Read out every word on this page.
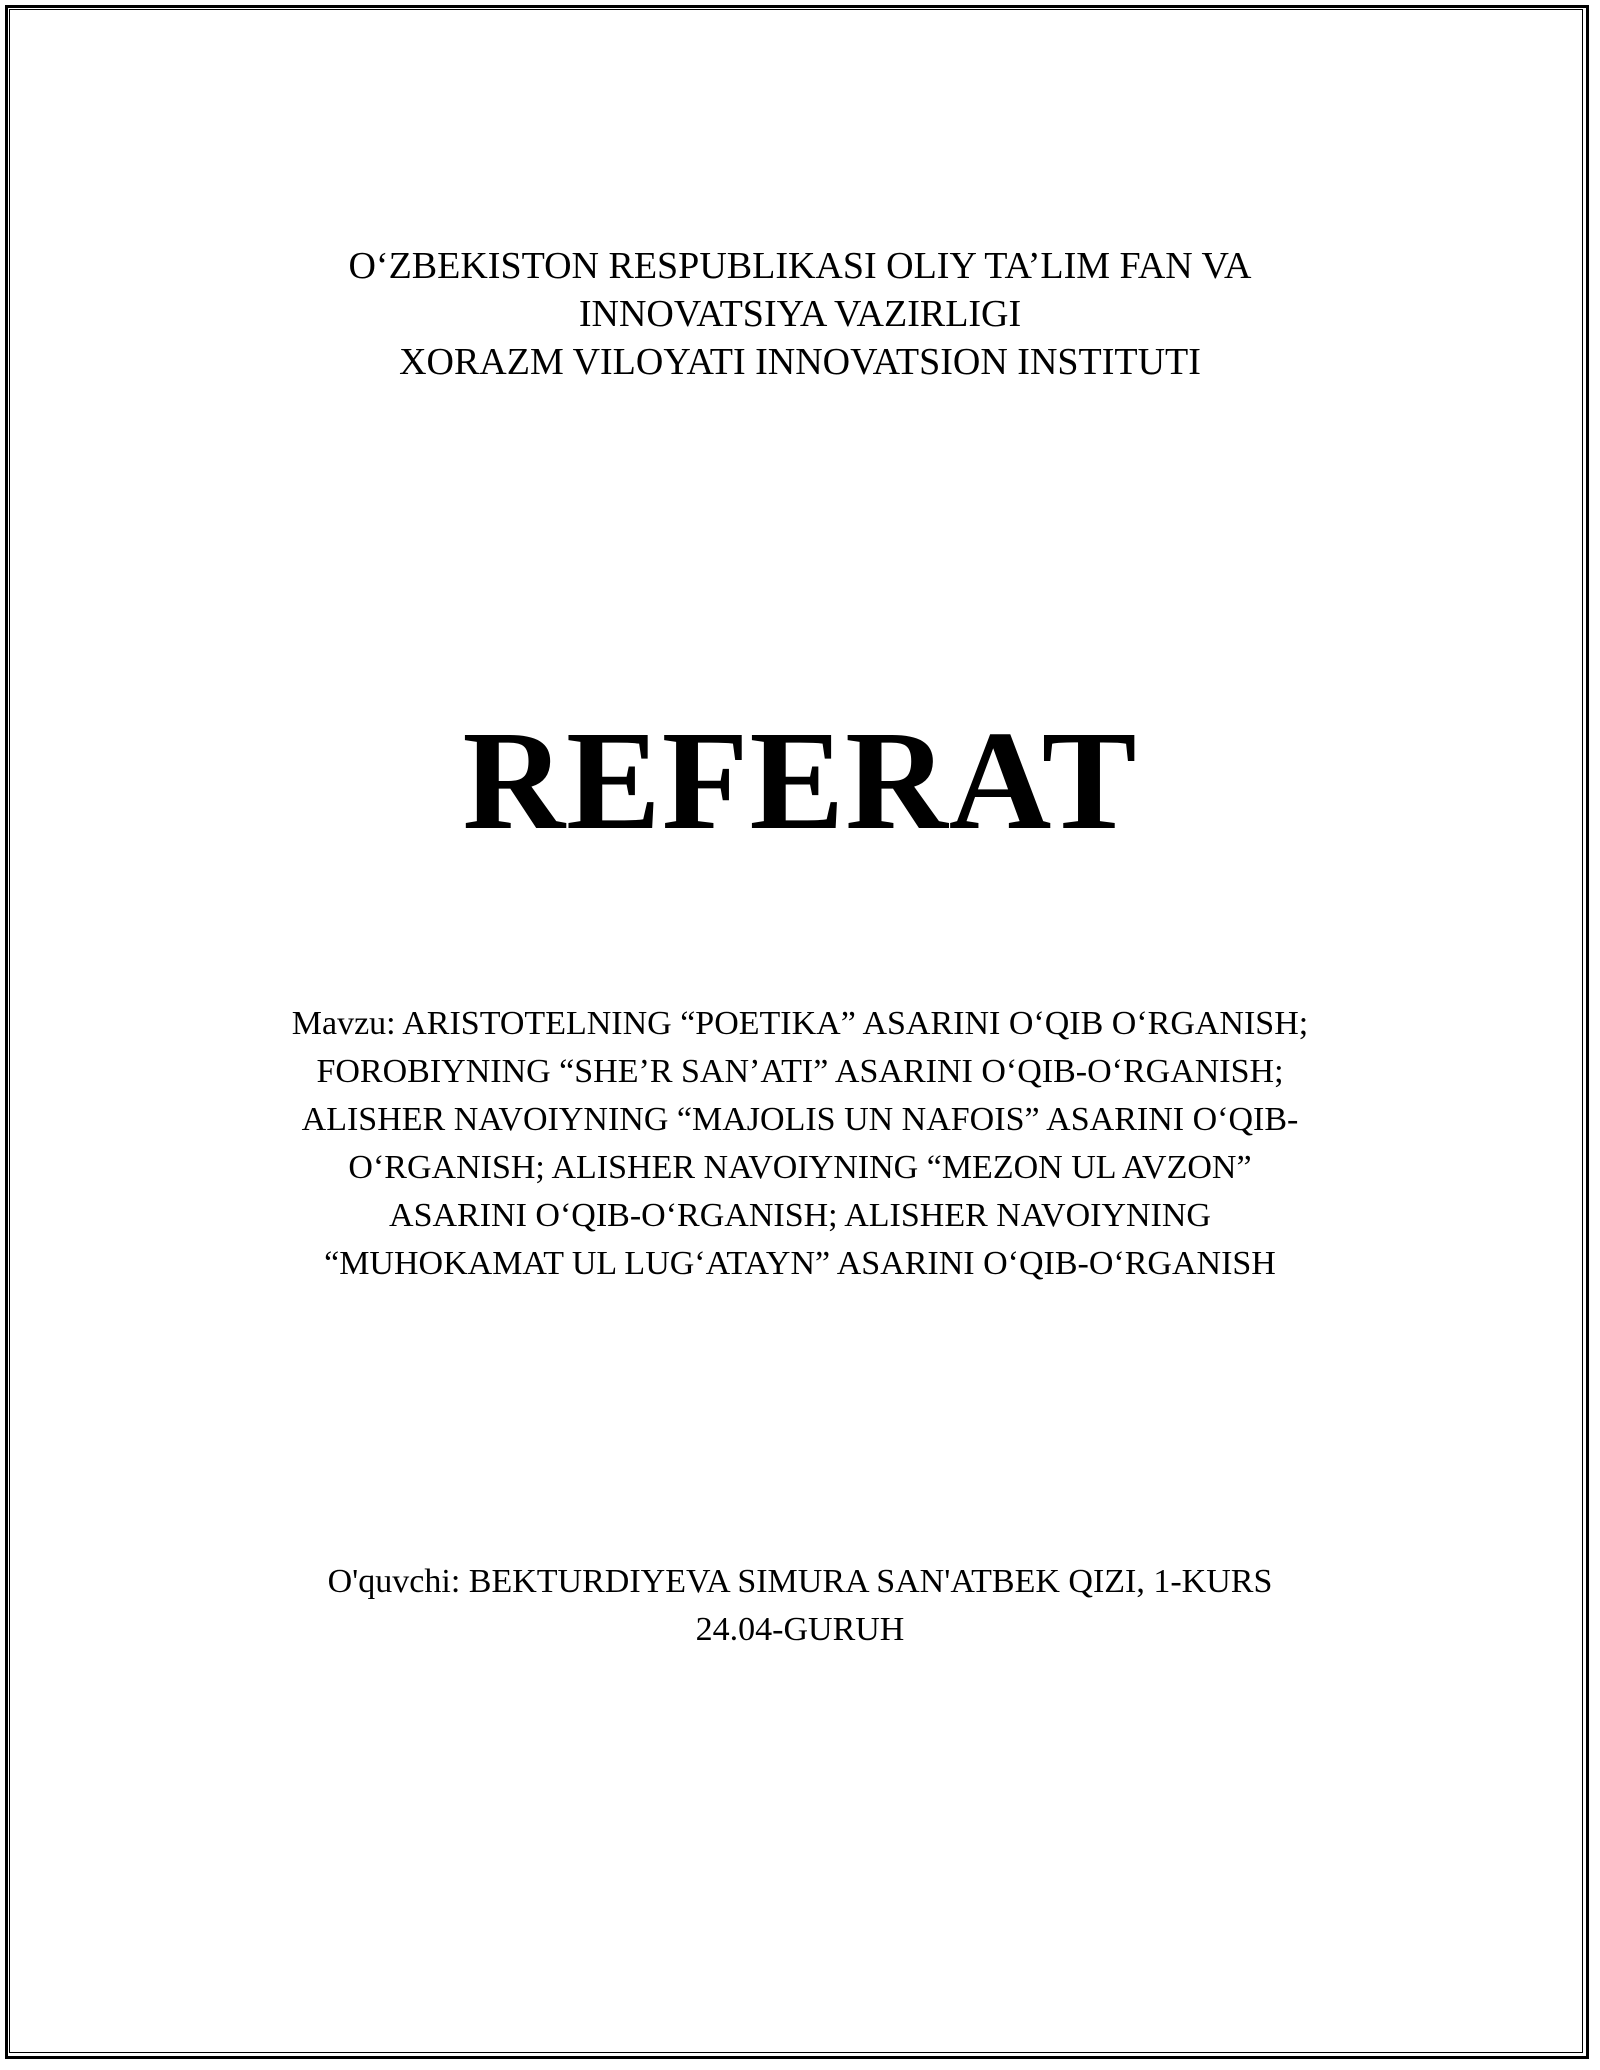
O‘ZBEKISTON RESPUBLIKASI OLIY TA’LIM FAN VA
INNOVATSIYA VAZIRLIGI
XORAZM VILOYATI INNOVATSION INSTITUTI
REFERAT
Mavzu: ARISTOTELNING “POETIKA” ASARINI O‘QIB O‘RGANISH;
FOROBIYNING “SHE’R SAN’ATI” ASARINI O‘QIB-O‘RGANISH;
ALISHER NAVOIYNING “MAJOLIS UN NAFOIS” ASARINI O‘QIB-
O‘RGANISH; ALISHER NAVOIYNING “MEZON UL AVZON”
ASARINI O‘QIB-O‘RGANISH; ALISHER NAVOIYNING
“MUHOKAMAT UL LUG‘ATAYN” ASARINI O‘QIB-O‘RGANISH
O'quvchi: BEKTURDIYEVA SIMURA SAN'ATBEK QIZI, 1-KURS
24.04-GURUH
